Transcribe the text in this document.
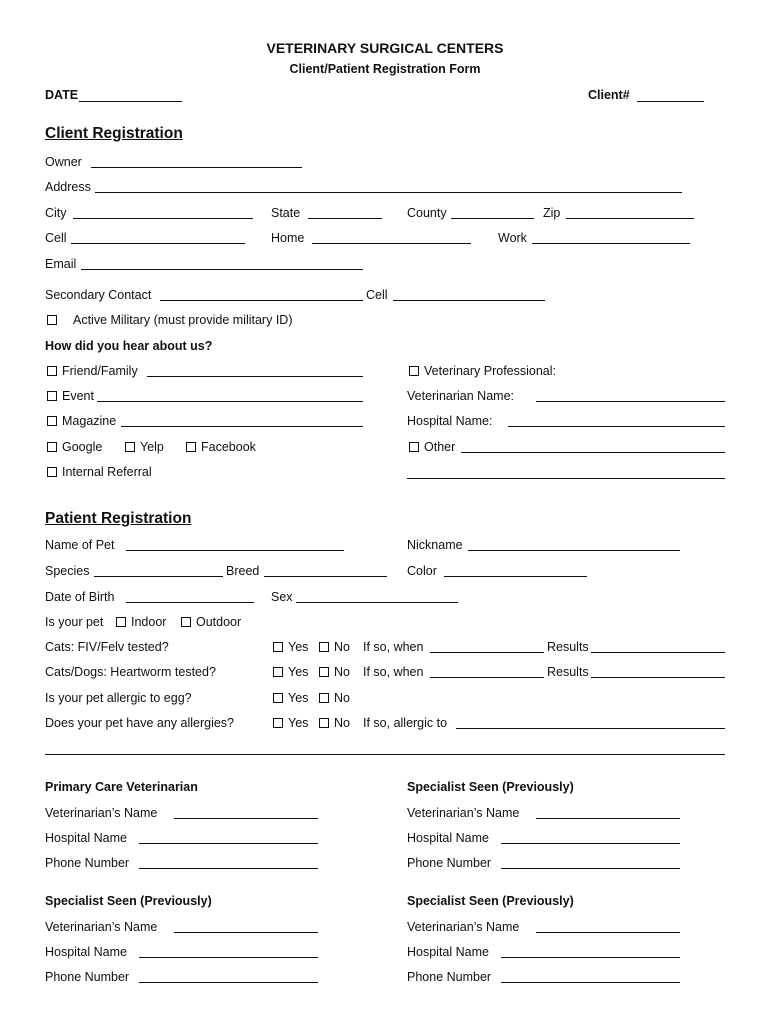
VETERINARY SURGICAL CENTERS
Client/Patient Registration Form
DATE	Client#
Client Registration
Owner
Address
City	State	County	Zip
Cell	Home	Work
Email
Secondary Contact	Cell
Active Military (must provide military ID)
How did you hear about us?
Friend/Family
Event
Magazine
Google	Yelp	Facebook
Internal Referral
Veterinary Professional:
Veterinarian Name:
Hospital Name:
Other
Patient Registration
Name of Pet	Nickname
Species	Breed	Color
Date of Birth	Sex
Is your pet Indoor Outdoor
Cats: FIV/Felv tested?	Yes No If so, when	Results
Cats/Dogs: Heartworm tested?	Yes No If so, when	Results
Is your pet allergic to egg?	Yes No
Does your pet have any allergies?	Yes No If so, allergic to
Primary Care Veterinarian
Veterinarian’s Name
Hospital Name
Phone Number
Specialist Seen (Previously)
Veterinarian’s Name
Hospital Name
Phone Number
Specialist Seen (Previously)
Veterinarian’s Name
Hospital Name
Phone Number
Specialist Seen (Previously)
Veterinarian’s Name
Hospital Name
Phone Number
